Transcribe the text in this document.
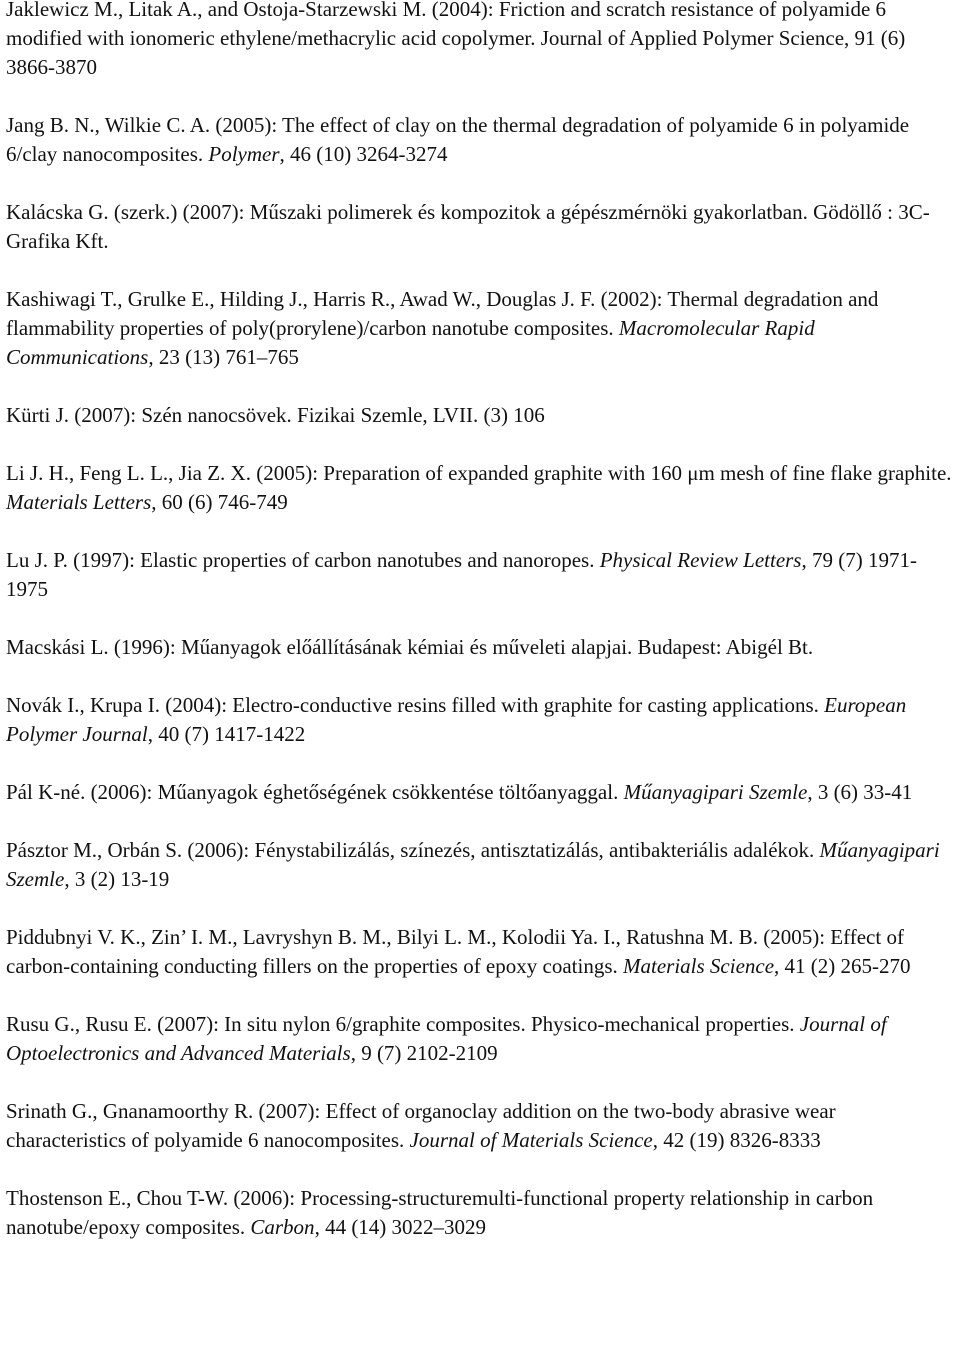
Jaklewicz M., Litak A., and Ostoja-Starzewski M. (2004): Friction and scratch resistance of polyamide 6 modified with ionomeric ethylene/methacrylic acid copolymer. Journal of Applied Polymer Science, 91 (6) 3866-3870
Jang B. N., Wilkie C. A. (2005): The effect of clay on the thermal degradation of polyamide 6 in polyamide 6/clay nanocomposites. Polymer, 46 (10) 3264-3274
Kalácska G. (szerk.) (2007): Műszaki polimerek és kompozitok a gépészmérnöki gyakorlatban. Gödöllő : 3C-Grafika Kft.
Kashiwagi T., Grulke E., Hilding J., Harris R., Awad W., Douglas J. F. (2002): Thermal degradation and flammability properties of poly(prorylene)/carbon nanotube composites. Macromolecular Rapid Communications, 23 (13) 761–765
Kürti J. (2007): Szén nanocsövek. Fizikai Szemle, LVII. (3) 106
Li J. H., Feng L. L., Jia Z. X. (2005): Preparation of expanded graphite with 160 μm mesh of fine flake graphite. Materials Letters, 60 (6) 746-749
Lu J. P. (1997): Elastic properties of carbon nanotubes and nanoropes. Physical Review Letters, 79 (7) 1971-1975
Macskási L. (1996): Műanyagok előállításának kémiai és műveleti alapjai. Budapest: Abigél Bt.
Novák I., Krupa I. (2004): Electro-conductive resins filled with graphite for casting applications. European Polymer Journal, 40 (7) 1417-1422
Pál K-né. (2006): Műanyagok éghetőségének csökkentése töltőanyaggal. Műanyagipari Szemle, 3 (6) 33-41
Pásztor M., Orbán S. (2006): Fénystabilizálás, színezés, antisztatizálás, antibakteriális adalékok. Műanyagipari Szemle, 3 (2) 13-19
Piddubnyi V. K., Zin’ I. M., Lavryshyn B. M., Bilyi L. M., Kolodii Ya. I., Ratushna M. B. (2005): Effect of carbon-containing conducting fillers on the properties of epoxy coatings. Materials Science, 41 (2) 265-270
Rusu G., Rusu E. (2007): In situ nylon 6/graphite composites. Physico-mechanical properties. Journal of Optoelectronics and Advanced Materials, 9 (7) 2102-2109
Srinath G., Gnanamoorthy R. (2007): Effect of organoclay addition on the two-body abrasive wear characteristics of polyamide 6 nanocomposites. Journal of Materials Science, 42 (19) 8326-8333
Thostenson E., Chou T-W. (2006): Processing-structuremulti-functional property relationship in carbon nanotube/epoxy composites. Carbon, 44 (14) 3022–3029
